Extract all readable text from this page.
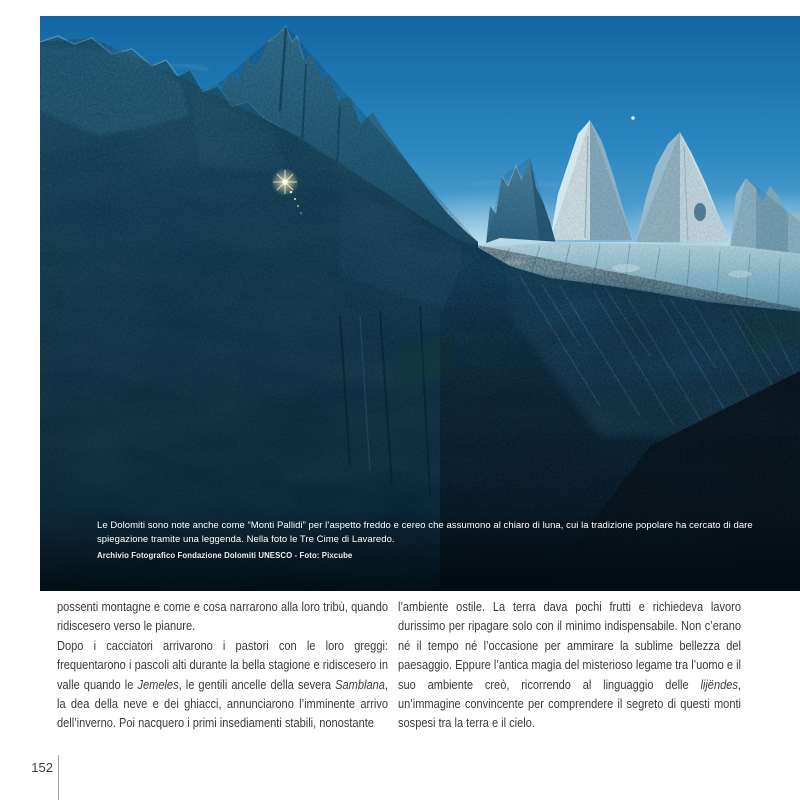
Le Dolomiti sono note anche come “Monti Pallidi” per l’aspetto freddo e cereo che assumono al chiaro di luna, cui la tradizione popolare ha cercato di dare spiegazione tramite una leggenda. Nella foto le Tre Cime di Lavaredo.

Archivio Fotografico Fondazione Dolomiti UNESCO - Foto: Pixcube

possenti montagne e come e cosa narrarono alla loro tribù, quando ridiscesero verso le pianure.

Dopo i cacciatori arrivarono i pastori con le loro greggi: frequentarono i pascoli alti durante la bella stagione e ridiscesero in valle quando le Jemeles, le gentili ancelle della severa Samblana, la dea della neve e dei ghiacci, annunciarono l’imminente arrivo dell’inverno. Poi nacquero i primi insediamenti stabili, nonostante

l’ambiente ostile. La terra dava pochi frutti e richiedeva lavoro durissimo per ripagare solo con il minimo indispensabile. Non c’erano né il tempo né l’occasione per ammirare la sublime bellezza del paesaggio. Eppure l’antica magia del misterioso legame tra l’uomo e il suo ambiente creò, ricorrendo al linguaggio delle lijëndes, un’immagine convincente per comprendere il segreto di questi monti sospesi tra la terra e il cielo.

152
